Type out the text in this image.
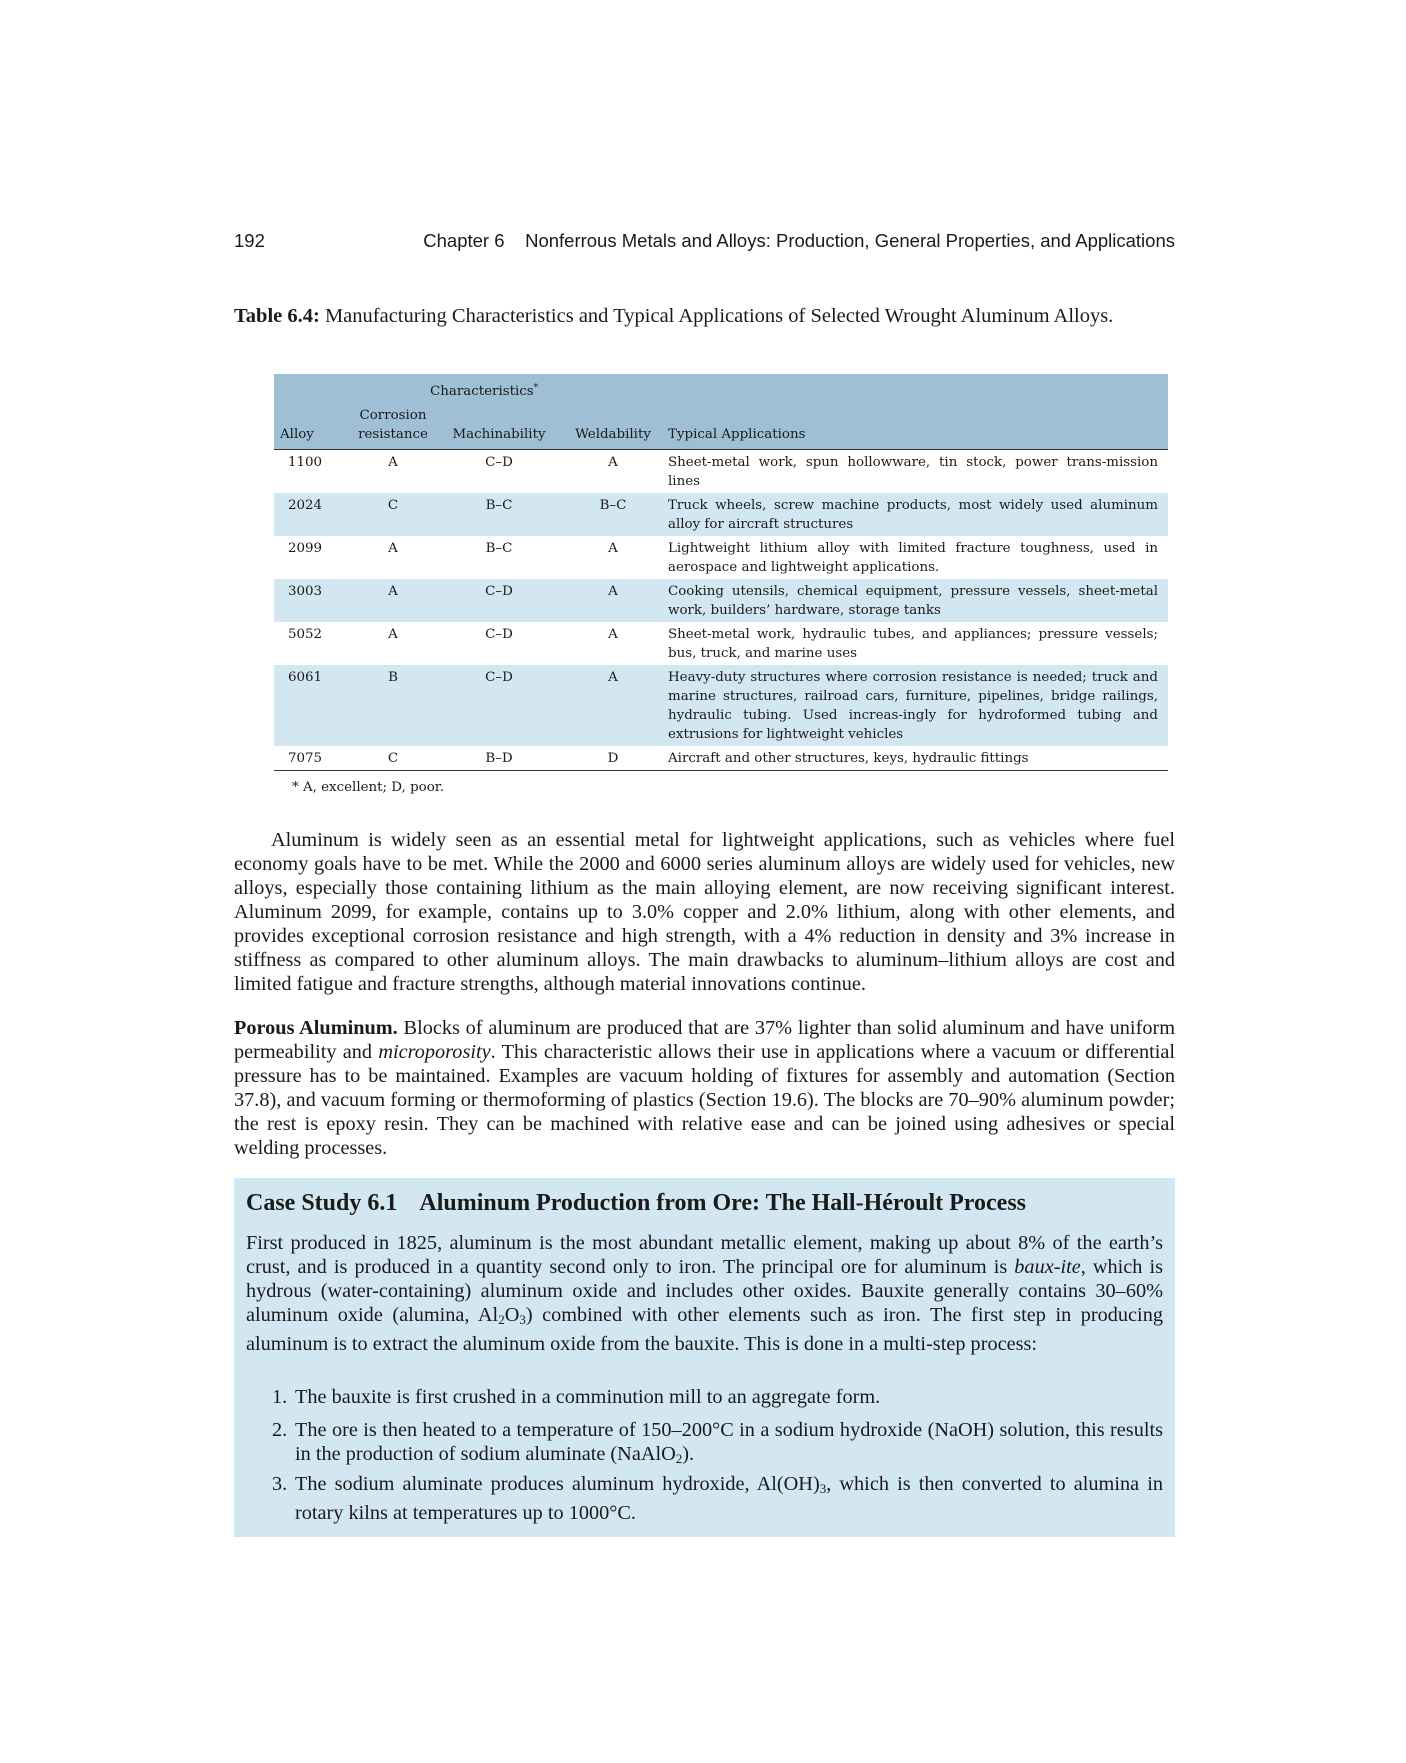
192	Chapter 6    Nonferrous Metals and Alloys: Production, General Properties, and Applications
Table 6.4: Manufacturing Characteristics and Typical Applications of Selected Wrought Aluminum Alloys.
		Characteristics*	
	Corrosion			
Alloy	resistance	Machinability	Weldability	Typical Applications
1100	A	C–D	A	Sheet-metal work, spun hollowware, tin stock, power trans-mission lines
2024	C	B–C	B–C	Truck wheels, screw machine products, most widely used aluminum alloy for aircraft structures
2099	A	B–C	A	Lightweight lithium alloy with limited fracture toughness, used in aerospace and lightweight applications.
3003	A	C–D	A	Cooking utensils, chemical equipment, pressure vessels, sheet-metal work, builders’ hardware, storage tanks
5052	A	C–D	A	Sheet-metal work, hydraulic tubes, and appliances; pressure vessels; bus, truck, and marine uses
6061	B	C–D	A	Heavy-duty structures where corrosion resistance is needed; truck and marine structures, railroad cars, furniture, pipelines, bridge railings, hydraulic tubing. Used increas-ingly for hydroformed tubing and extrusions for lightweight vehicles
7075	C	B–D	D	Aircraft and other structures, keys, hydraulic fittings
* A, excellent; D, poor.
Aluminum is widely seen as an essential metal for lightweight applications, such as vehicles where fuel economy goals have to be met. While the 2000 and 6000 series aluminum alloys are widely used for vehicles, new alloys, especially those containing lithium as the main alloying element, are now receiving significant interest. Aluminum 2099, for example, contains up to 3.0% copper and 2.0% lithium, along with other elements, and provides exceptional corrosion resistance and high strength, with a 4% reduction in density and 3% increase in stiffness as compared to other aluminum alloys. The main drawbacks to aluminum–lithium alloys are cost and limited fatigue and fracture strengths, although material innovations continue.
Porous Aluminum. Blocks of aluminum are produced that are 37% lighter than solid aluminum and have uniform permeability and microporosity. This characteristic allows their use in applications where a vacuum or differential pressure has to be maintained. Examples are vacuum holding of fixtures for assembly and automation (Section 37.8), and vacuum forming or thermoforming of plastics (Section 19.6). The blocks are 70–90% aluminum powder; the rest is epoxy resin. They can be machined with relative ease and can be joined using adhesives or special welding processes.
Case Study 6.1 Aluminum Production from Ore: The Hall-Héroult Process
First produced in 1825, aluminum is the most abundant metallic element, making up about 8% of the earth’s crust, and is produced in a quantity second only to iron. The principal ore for aluminum is baux-ite, which is hydrous (water-containing) aluminum oxide and includes other oxides. Bauxite generally contains 30–60% aluminum oxide (alumina, $Al_2O_3$) combined with other elements such as iron. The first step in producing aluminum is to extract the aluminum oxide from the bauxite. This is done in a multi-step process:
1. The bauxite is first crushed in a comminution mill to an aggregate form.
2. The ore is then heated to a temperature of 150–200°C in a sodium hydroxide (NaOH) solution, this results in the production of sodium aluminate (NaAlO$_2$).
3. The sodium aluminate produces aluminum hydroxide, $Al(OH)_3$, which is then converted to alumina in rotary kilns at temperatures up to 1000°C.
